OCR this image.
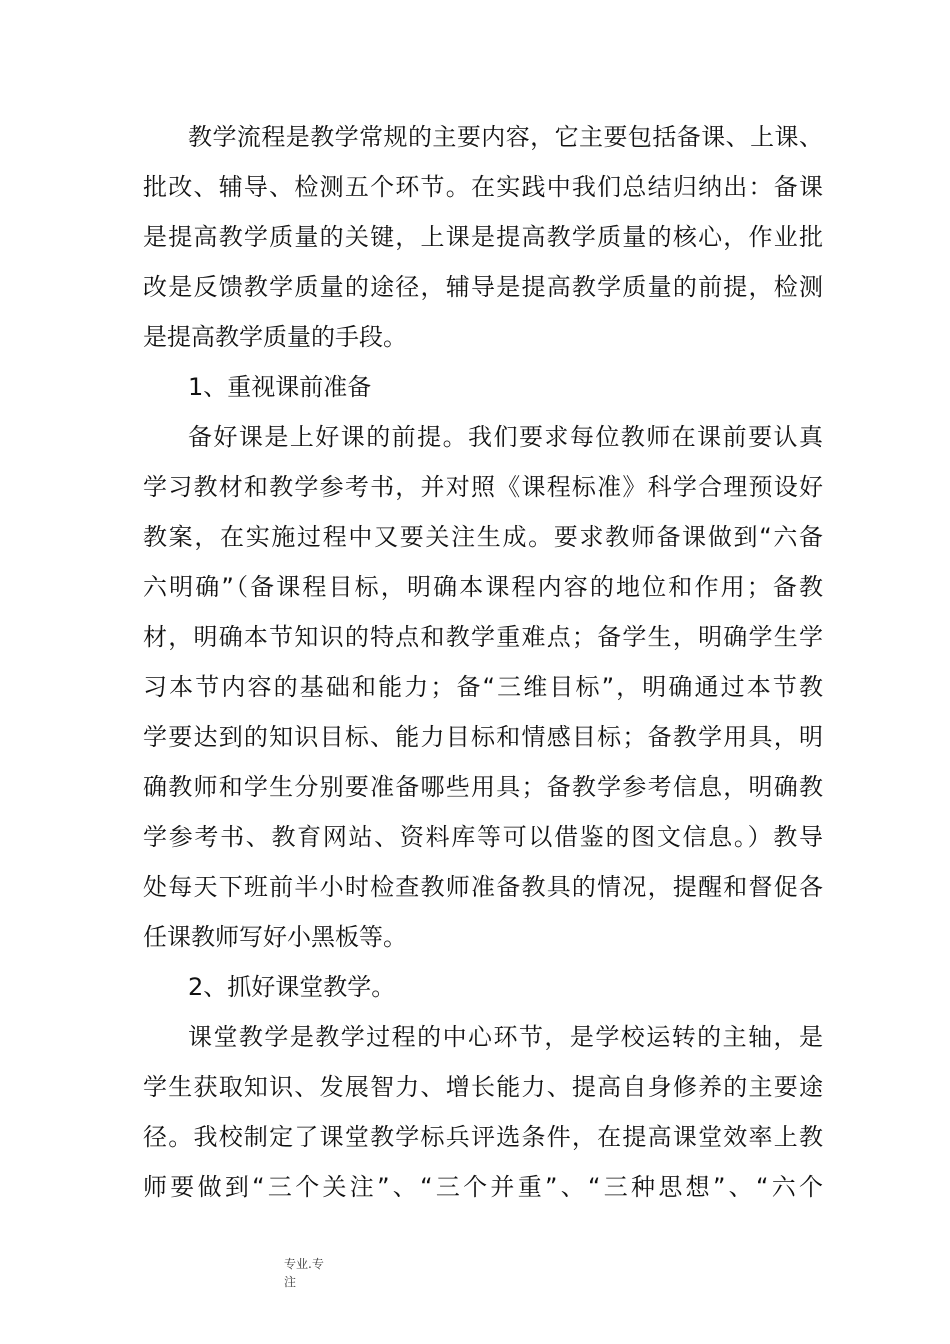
教学流程是教学常规的主要内容，它主要包括备课、上课、
批改、辅导、检测五个环节。在实践中我们总结归纳出：备课
是提高教学质量的关键，上课是提高教学质量的核心，作业批
改是反馈教学质量的途径，辅导是提高教学质量的前提，检测
是提高教学质量的手段。
1、重视课前准备
备好课是上好课的前提。我们要求每位教师在课前要认真
学习教材和教学参考书，并对照《课程标准》科学合理预设好
教案，在实施过程中又要关注生成。要求教师备课做到“六备
六明确”（备课程目标，明确本课程内容的地位和作用；备教
材，明确本节知识的特点和教学重难点；备学生，明确学生学
习本节内容的基础和能力；备“三维目标”，明确通过本节教
学要达到的知识目标、能力目标和情感目标；备教学用具，明
确教师和学生分别要准备哪些用具；备教学参考信息，明确教
学参考书、教育网站、资料库等可以借鉴的图文信息。）教导
处每天下班前半小时检查教师准备教具的情况，提醒和督促各
任课教师写好小黑板等。
2、抓好课堂教学。
课堂教学是教学过程的中心环节，是学校运转的主轴，是
学生获取知识、发展智力、增长能力、提高自身修养的主要途
径。我校制定了课堂教学标兵评选条件，在提高课堂效率上教
师要做到“三个关注”、“三个并重”、“三种思想”、“六个
专业.专
注
